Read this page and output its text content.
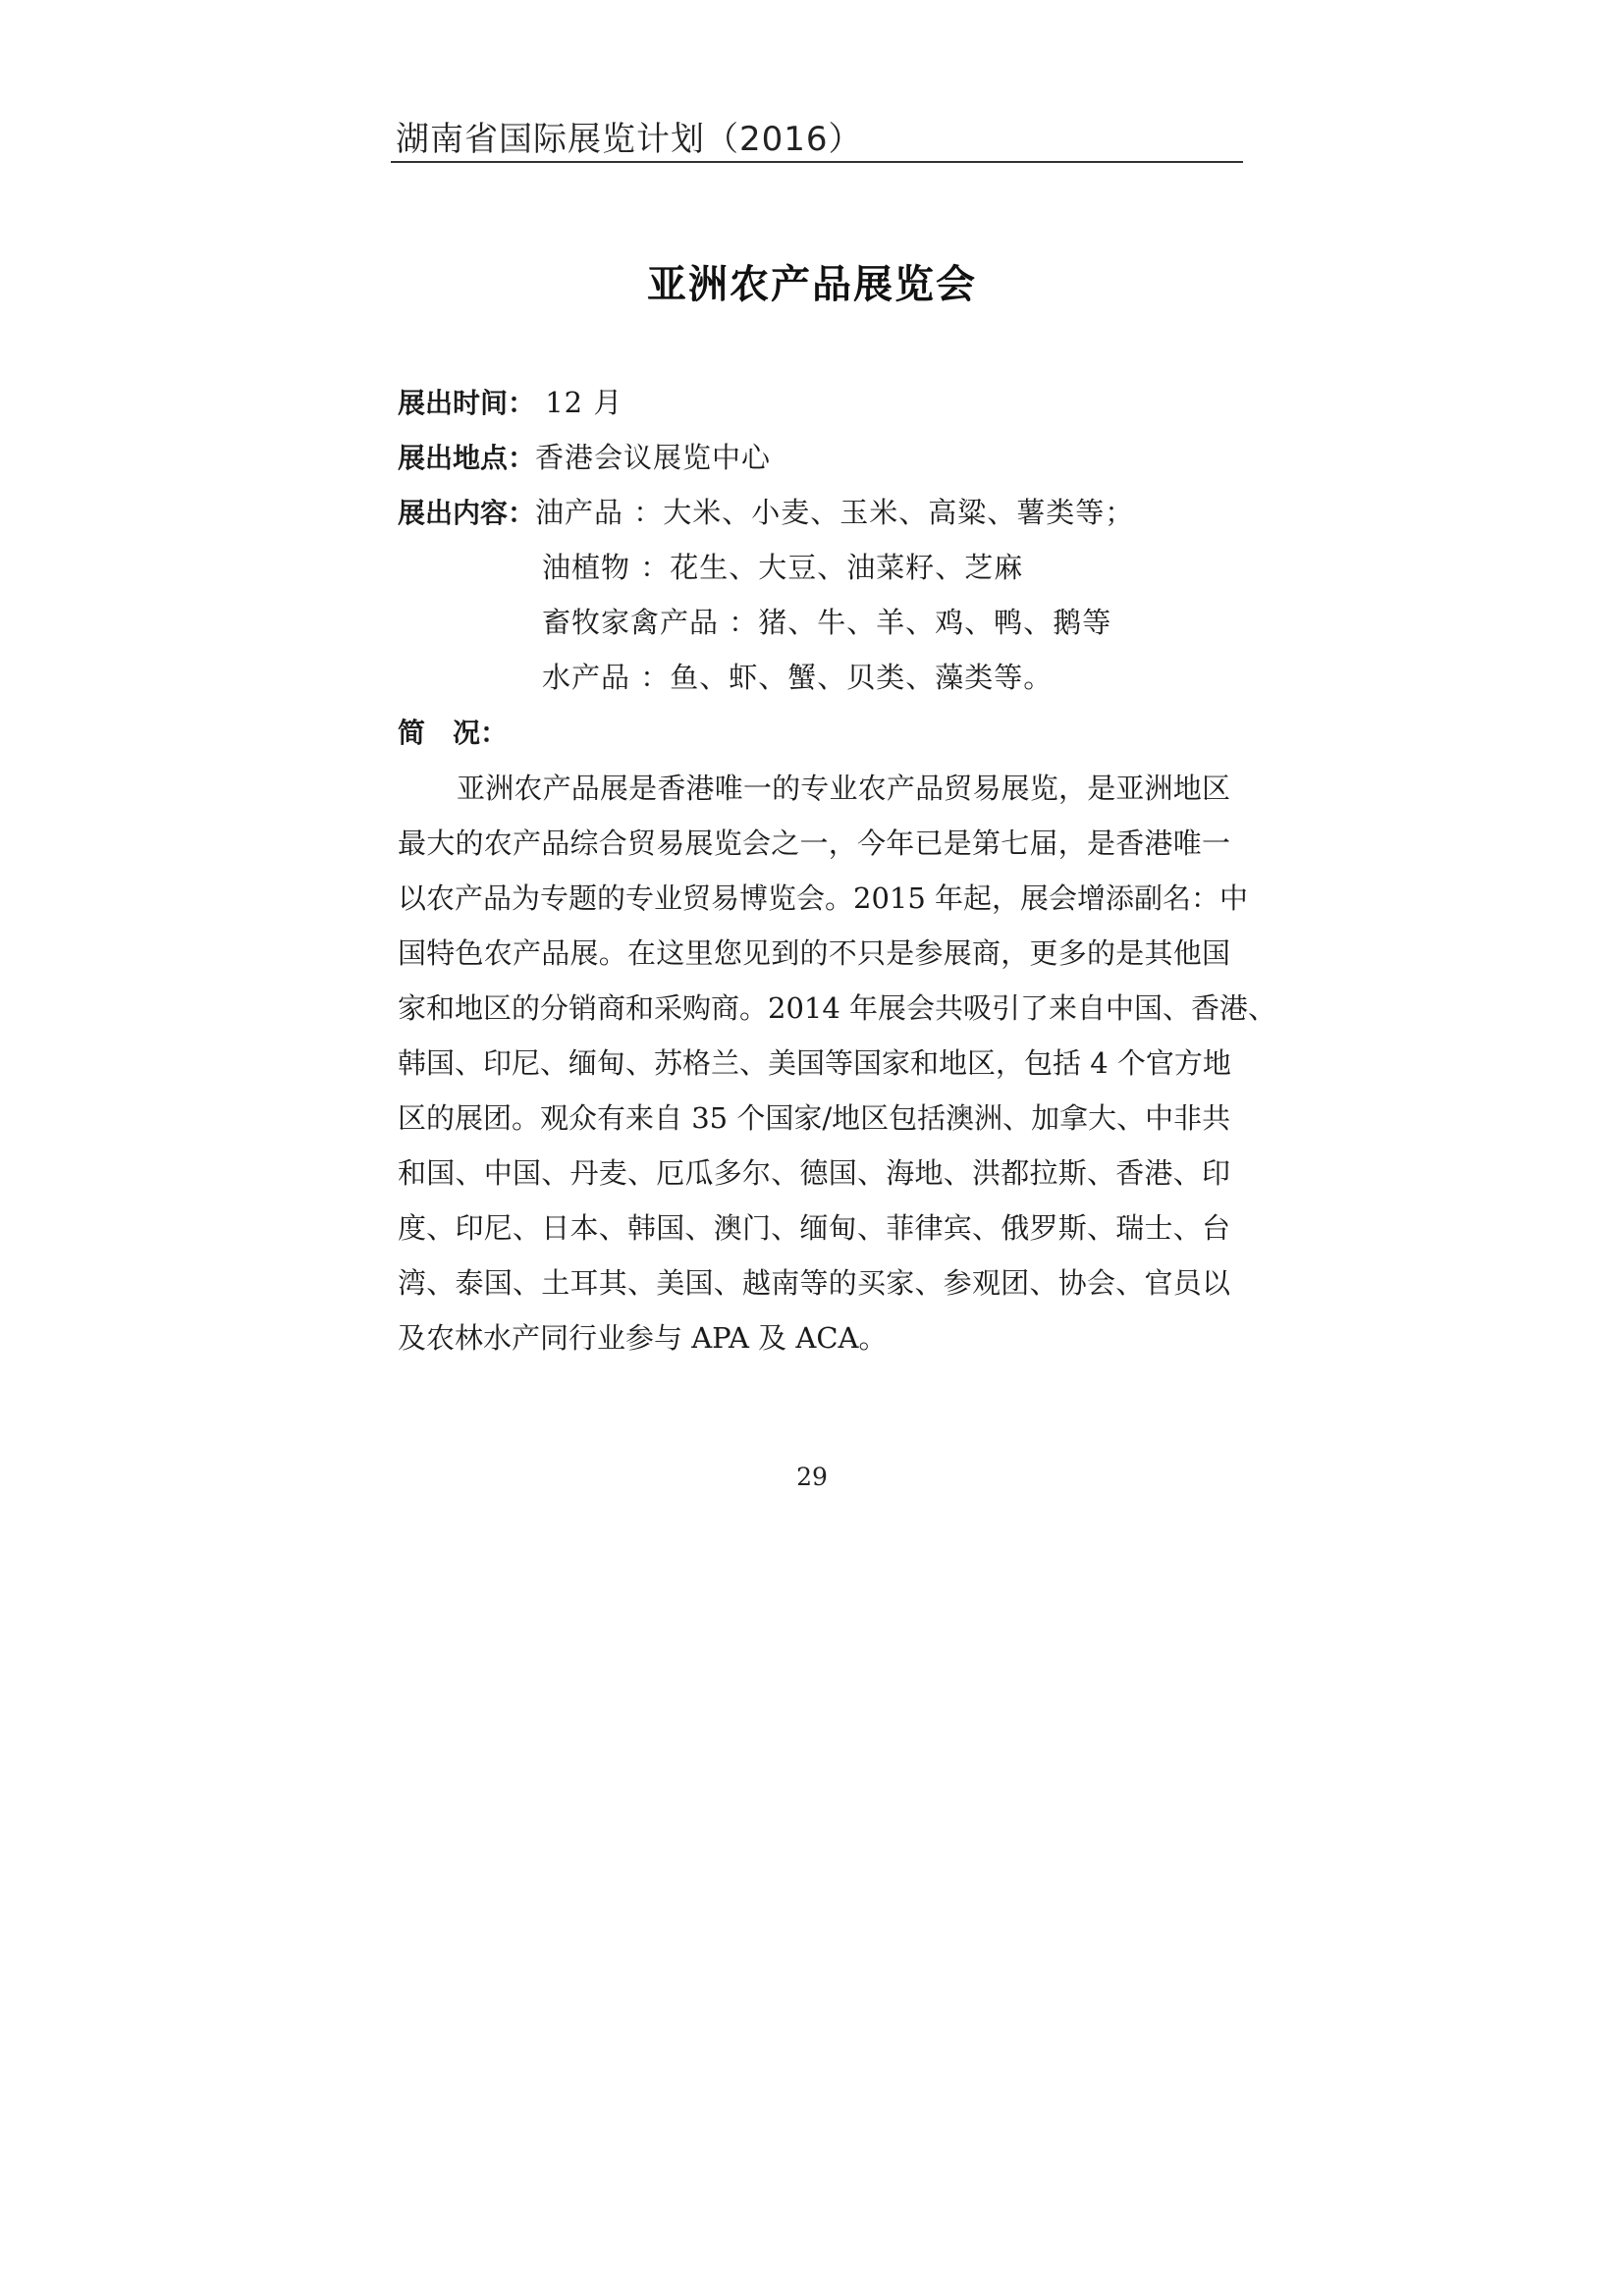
湖南省国际展览计划（2016）
亚洲农产品展览会
展出时间： 12 月
展出地点：香港会议展览中心
展出内容：油产品 ：大米、小麦、玉米、高粱、薯类等；
油植物 ：花生、大豆、油菜籽、芝麻
畜牧家禽产品 ：猪、牛、羊、鸡、鸭、鹅等
水产品 ：鱼、虾、蟹、贝类、藻类等。
简　况：
亚洲农产品展是香港唯一的专业农产品贸易展览，是亚洲地区
最大的农产品综合贸易展览会之一，今年已是第七届，是香港唯一
以农产品为专题的专业贸易博览会。2015 年起，展会增添副名：中
国特色农产品展。在这里您见到的不只是参展商，更多的是其他国
家和地区的分销商和采购商。2014 年展会共吸引了来自中国、香港、
韩国、印尼、缅甸、苏格兰、美国等国家和地区，包括 4 个官方地
区的展团。观众有来自 35 个国家/地区包括澳洲、加拿大、中非共
和国、中国、丹麦、厄瓜多尔、德国、海地、洪都拉斯、香港、印
度、印尼、日本、韩国、澳门、缅甸、菲律宾、俄罗斯、瑞士、台
湾、泰国、土耳其、美国、越南等的买家、参观团、协会、官员以
及农林水产同行业参与 APA 及 ACA。
29
